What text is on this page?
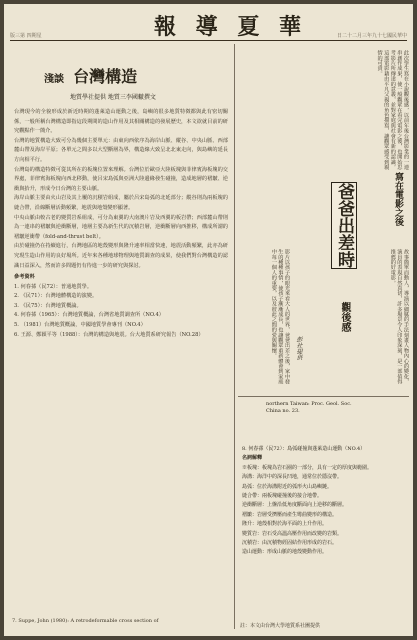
版三第 四期星	報 導 夏 華	日二十二月三年九十七國民華中
淺談 台灣構造
地質學社提供 地質三李國轍撰文

台灣現今的全貌形成於新近時期的蓬萊造山運動之後，島嶼的很多地質特徵都與此有密切關係，一般所稱台灣構造即指這段期間的造山作用及其相關構造的發展歷史，本文欲就目前的研究觀點作一簡介。

台灣的地質構造大致可分為幾個主要單元：由東向西依序為海岸山脈、縱谷、中央山脈、西部麓山帶及海岸平原；各單元之間多以大型斷層為界，構造線大致呈北北東走向，與島嶼的延長方向相平行。

台灣島的構造特徵可從其所在的板塊位置來理解。台灣位於歐亞大陸板塊與菲律賓海板塊的交界處，菲律賓海板塊向西北移動，使呂宋島弧與亞洲大陸邊緣發生碰撞，造成地層的褶皺、逆衝與抬升，形成今日台灣的主要山脈。

海岸山脈主要由火山岩及其上覆的沉積岩組成，屬於呂宋島弧的北延部分；縱谷則為兩板塊的縫合帶，沿線斷層活動頻繁，地震與地殼變形顯著。

中央山脈由較古老的變質岩系組成，可分為東翼的大南澳片岩及西翼的板岩帶；西部麓山帶則為一連串的褶皺與逆衝斷層，地層主要為新生代的沉積岩層，逆衝斷層向西推移，構成所謂的褶皺逆衝帶（fold-and-thrust belt）。

由於碰撞仍在持續進行，台灣地區的地殼變形與隆升速率相當快速，地震活動頻繁，此亦為研究現生造山作用的良好場所。近年來各種地球物理與地質調查的成果，使我們對台灣構造的認識日益深入，然而許多問題仍有待進一步的研究與探討。

參考資料
1. 何春蓀（民72）：普通地質學。
2. 《民71）：台灣地體構造的演變。
3. 《民75）：台灣地質概論。
4. 何春蓀（1965）：台灣地質概論，台灣省地質調查所（NO.4）
5. （1981）台灣地質概論，中國地質學會專刊（NO.4）
6. 王源、鄭穎平等（1988）：台灣的構造與地震。台大地質系研究報告（NO.28）
7. Suppe, John (1980): A retrodeformable cross section of
此次學生寫在小說觀後感，以前年後台灣影業的一連串創作成果，使一般觀眾在看完電影之後，也開始思考影片所傳達的意義，並對家庭與社會有新的認識。這部電影藉由平凡父親的角色描寫，讓觀眾感受到親情的可貴。
寫在電影之後
爸爸出差時
觀後感	故事簡單而動人，導演以細膩的手法刻畫人物內心的變化，演員的表現自然真切，許多場景令人印象深刻，是一部值得推薦的好電影。
影片以孩子的眼光來看大人的世界，爸爸出差之後，家中發生的種種事情，使孩子漸漸成長，也讓觀眾重新體會到家庭中每一個人的重要，以及彼此之間的愛與關懷。	彭社提供
northern Taiwan: Proc. Geol. Soc.
China no. 23.
8. 何春蓀（民72）：島弧碰撞與蓬萊造山運動（NO.4）
名詞解釋
※板塊：板塊為岩石圈的一部分，具有一定的厚度與範圍。
海溝：海洋中的深長凹地，通常位於隱沒帶。
島弧：位於海溝附近的弧形火山島嶼鏈。
縫合帶：兩板塊碰撞後的接合地帶。
逆衝斷層：上盤沿低角度斷面向上逆移的斷層。
褶皺：岩層受擠壓而產生彎曲變形的構造。
隆升：地殼相對於海平面的上升作用。
變質岩：岩石受高溫高壓作用而改變的岩類。
沉積岩：由沉積物經固結作用形成的岩石。
造山運動：形成山脈的地殼變動作用。
註：本文由台灣大學地質系社團提供
